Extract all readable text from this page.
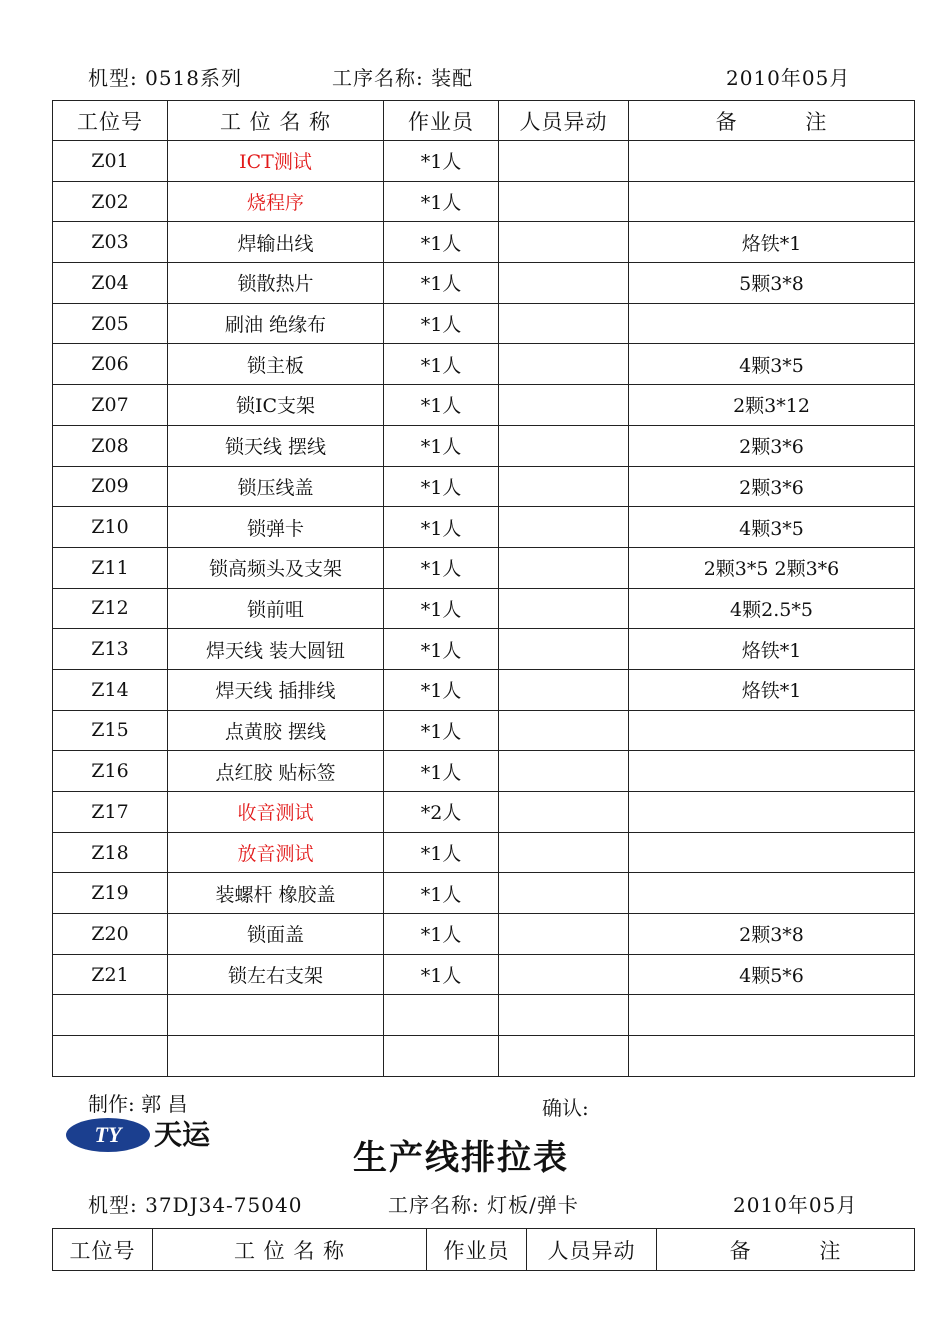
机型: 0518系列	工序名称: 装配	2010年05月
工位号	工 位 名 称	作业员	人员异动	备 注
Z01	ICT测试	*1人		
Z02	烧程序	*1人		
Z03	焊输出线	*1人		烙铁*1
Z04	锁散热片	*1人		5颗3*8
Z05	刷油 绝缘布	*1人		
Z06	锁主板	*1人		4颗3*5
Z07	锁IC支架	*1人		2颗3*12
Z08	锁天线 摆线	*1人		2颗3*6
Z09	锁压线盖	*1人		2颗3*6
Z10	锁弹卡	*1人		4颗3*5
Z11	锁高频头及支架	*1人		2颗3*5 2颗3*6
Z12	锁前咀	*1人		4颗2.5*5
Z13	焊天线 装大圆钮	*1人		烙铁*1
Z14	焊天线 插排线	*1人		烙铁*1
Z15	点黄胶 摆线	*1人		
Z16	点红胶 贴标签	*1人		
Z17	收音测试	*2人		
Z18	放音测试	*1人		
Z19	装螺杆 橡胶盖	*1人		
Z20	锁面盖	*1人		2颗3*8
Z21	锁左右支架	*1人		4颗5*6

制作: 郭 昌	确认:
TY 天运
生产线排拉表
机型: 37DJ34-75040	工序名称: 灯板/弹卡	2010年05月
工位号	工 位 名 称	作业员	人员异动	备 注
